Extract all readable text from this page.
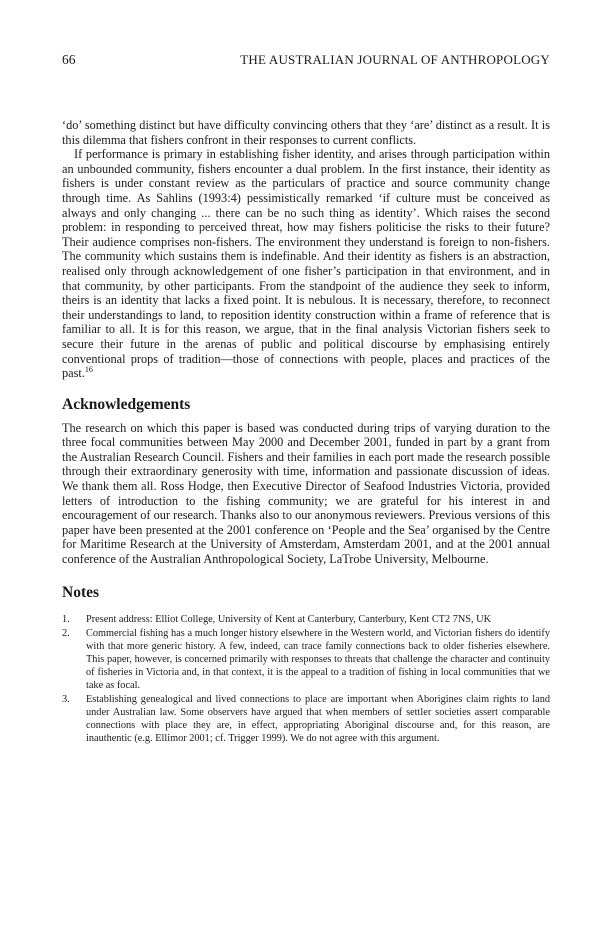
66	THE AUSTRALIAN JOURNAL OF ANTHROPOLOGY

‘do’ something distinct but have difficulty convincing others that they ‘are’ distinct as a result. It is this dilemma that fishers confront in their responses to current conflicts.

If performance is primary in establishing fisher identity, and arises through participation within an unbounded community, fishers encounter a dual problem. In the first instance, their identity as fishers is under constant review as the particulars of practice and source community change through time. As Sahlins (1993:4) pessimistically remarked ‘if culture must be conceived as always and only changing ... there can be no such thing as identity’. Which raises the second problem: in responding to perceived threat, how may fishers politicise the risks to their future? Their audience comprises non-fishers. The environment they understand is foreign to non-fishers. The community which sustains them is indefinable. And their identity as fishers is an abstraction, realised only through acknowledgement of one fisher’s participation in that environment, and in that community, by other participants. From the standpoint of the audience they seek to inform, theirs is an identity that lacks a fixed point. It is nebulous. It is necessary, therefore, to reconnect their understandings to land, to reposition identity construction within a frame of reference that is familiar to all. It is for this reason, we argue, that in the final analysis Victorian fishers seek to secure their future in the arenas of public and political discourse by emphasising entirely conventional props of tradition—those of connections with people, places and practices of the past.$^{16}$

Acknowledgements

The research on which this paper is based was conducted during trips of varying duration to the three focal communities between May 2000 and December 2001, funded in part by a grant from the Australian Research Council. Fishers and their families in each port made the research possible through their extraordinary generosity with time, information and passionate discussion of ideas. We thank them all. Ross Hodge, then Executive Director of Seafood Industries Victoria, provided letters of introduction to the fishing community; we are grateful for his interest in and encouragement of our research. Thanks also to our anonymous reviewers. Previous versions of this paper have been presented at the 2001 conference on ‘People and the Sea’ organised by the Centre for Maritime Research at the University of Amsterdam, Amsterdam 2001, and at the 2001 annual conference of the Australian Anthropological Society, LaTrobe University, Melbourne.

Notes
1.	Present address: Elliot College, University of Kent at Canterbury, Canterbury, Kent CT2 7NS, UK
2.	Commercial fishing has a much longer history elsewhere in the Western world, and Victorian fishers do identify with that more generic history. A few, indeed, can trace family connections back to older fisheries elsewhere. This paper, however, is concerned primarily with responses to threats that challenge the character and continuity of fisheries in Victoria and, in that context, it is the appeal to a tradition of fishing in local communities that we take as focal.
3.	Establishing genealogical and lived connections to place are important when Aborigines claim rights to land under Australian law. Some observers have argued that when members of settler societies assert comparable connections with place they are, in effect, appropriating Aboriginal discourse and, for this reason, are inauthentic (e.g. Ellimor 2001; cf. Trigger 1999). We do not agree with this argument.
